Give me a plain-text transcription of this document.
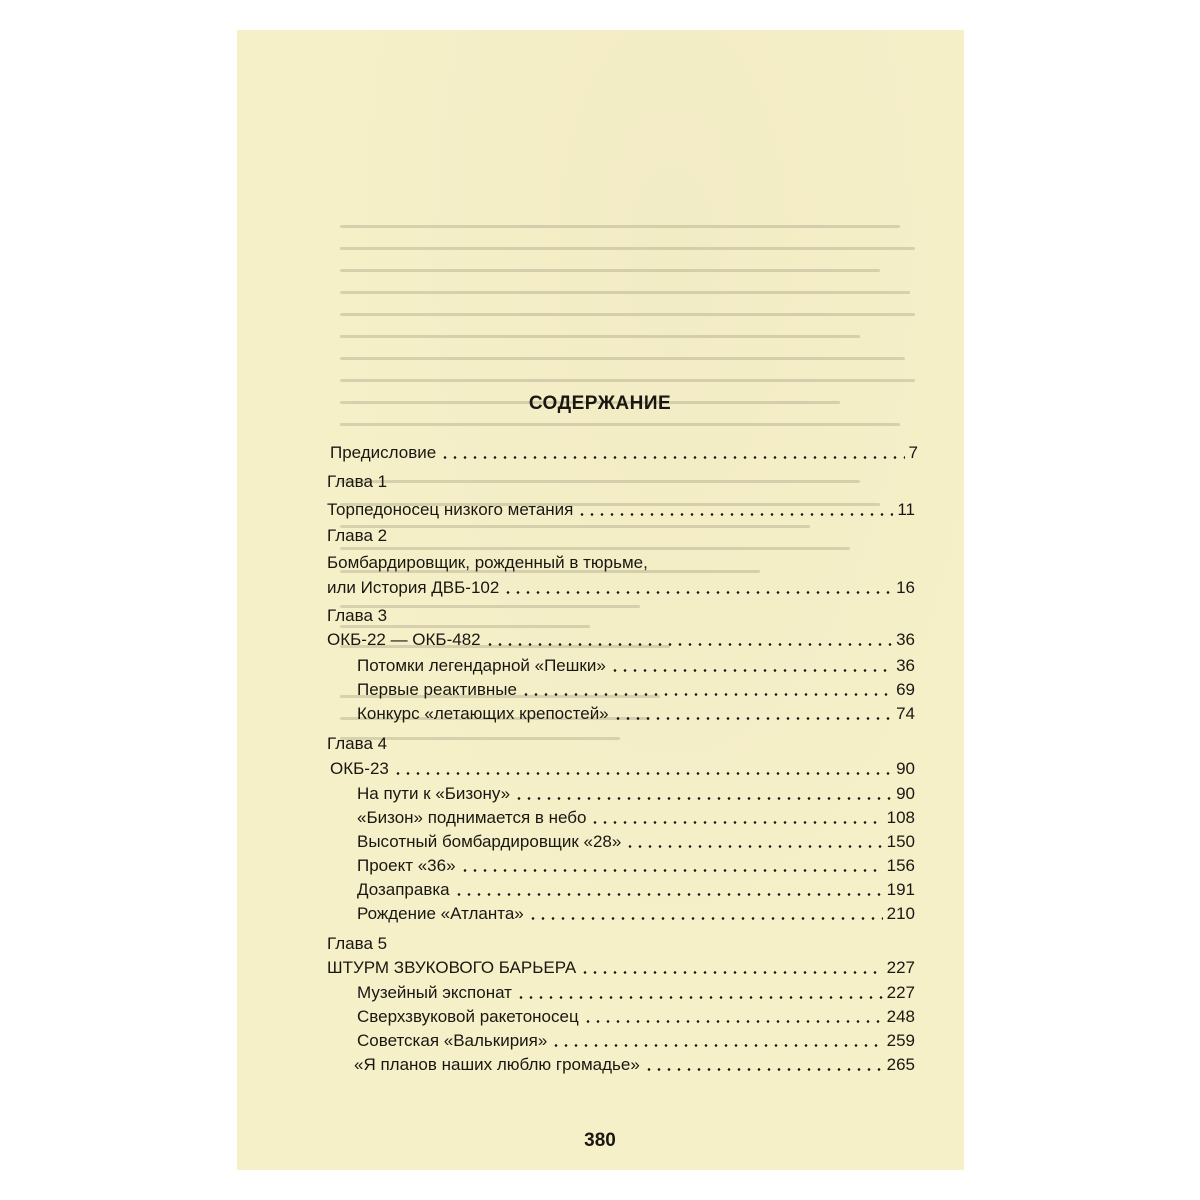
СОДЕРЖАНИЕ
Предисловие	7
Глава 1
Торпедоносец низкого метания	11
Глава 2
Бомбардировщик, рожденный в тюрьме,
или История ДВБ-102	16
Глава 3
ОКБ-22 — ОКБ-482	36
Потомки легендарной «Пешки»	36
Первые реактивные	69
Конкурс «летающих крепостей»	74
Глава 4
ОКБ-23	90
На пути к «Бизону»	90
«Бизон» поднимается в небо	108
Высотный бомбардировщик «28»	150
Проект «36»	156
Дозаправка	191
Рождение «Атланта»	210
Глава 5
ШТУРМ ЗВУКОВОГО БАРЬЕРА	227
Музейный экспонат	227
Сверхзвуковой ракетоносец	248
Советская «Валькирия»	259
«Я планов наших люблю громадье»	265
380
